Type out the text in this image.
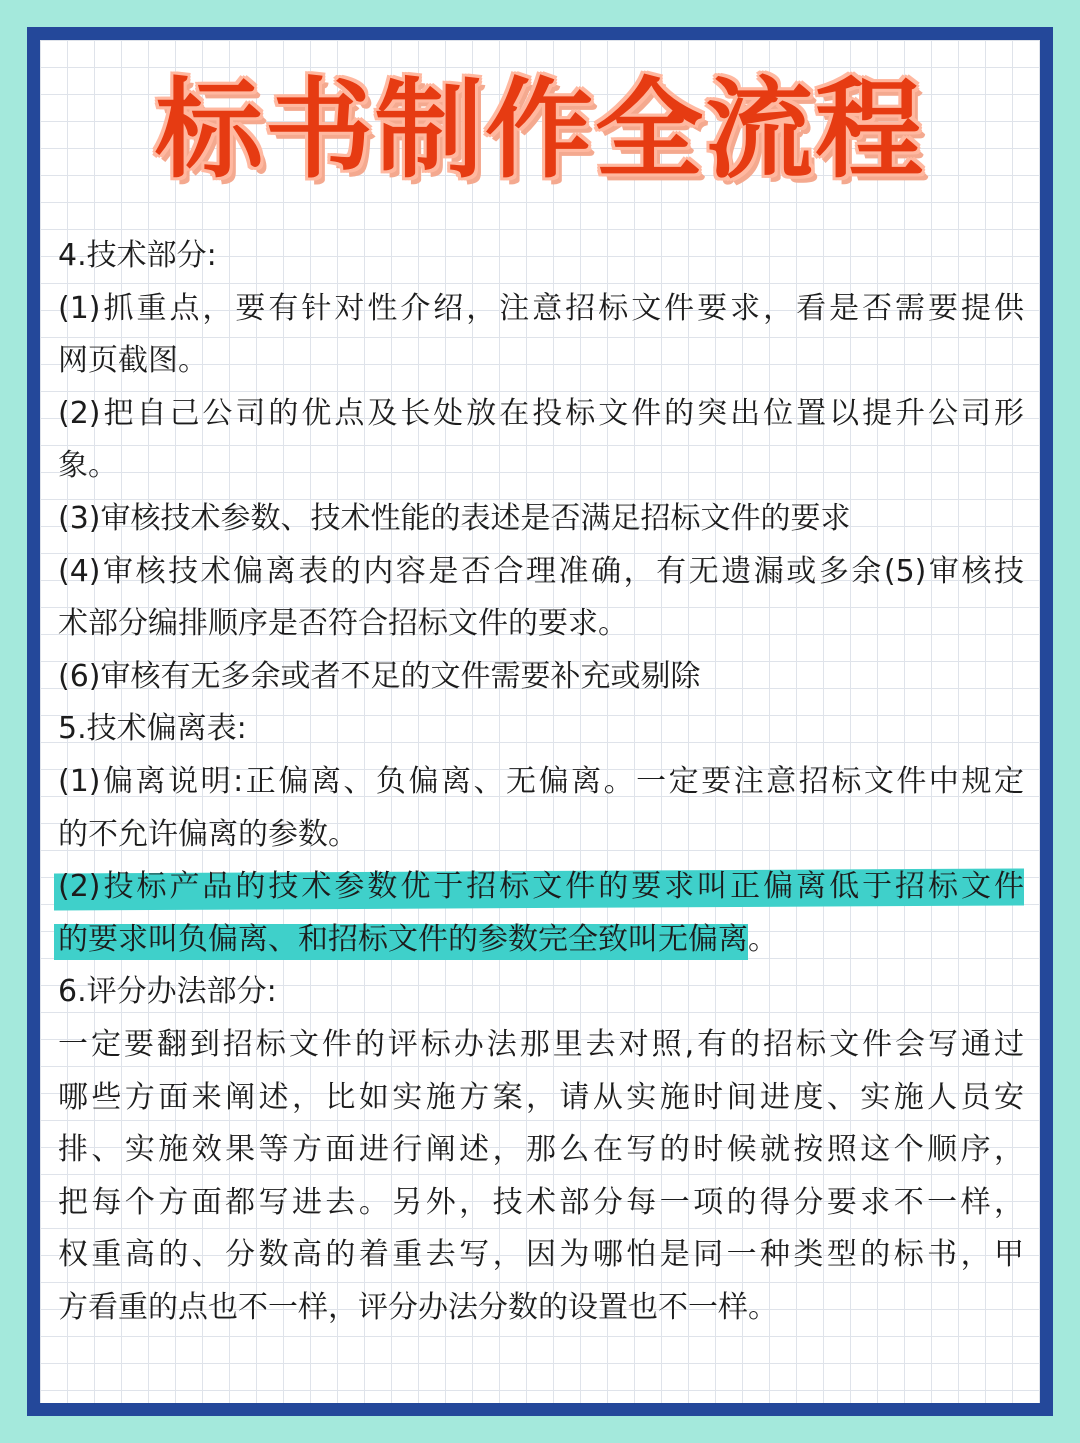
标书制作全流程
4.技术部分:
(1)抓重点，要有针对性介绍，注意招标文件要求，看是否需要提供
网页截图。
(2)把自己公司的优点及长处放在投标文件的突出位置以提升公司形
象。
(3)审核技术参数、技术性能的表述是否满足招标文件的要求
(4)审核技术偏离表的内容是否合理准确，有无遗漏或多余(5)审核技
术部分编排顺序是否符合招标文件的要求。
(6)审核有无多余或者不足的文件需要补充或剔除
5.技术偏离表:
(1)偏离说明:正偏离、负偏离、无偏离。一定要注意招标文件中规定
的不允许偏离的参数。
(2)投标产品的技术参数优于招标文件的要求叫正偏离低于招标文件
的要求叫负偏离、和招标文件的参数完全致叫无偏离。
6.评分办法部分:
一定要翻到招标文件的评标办法那里去对照,有的招标文件会写通过
哪些方面来阐述，比如实施方案，请从实施时间进度、实施人员安
排、实施效果等方面进行阐述，那么在写的时候就按照这个顺序，
把每个方面都写进去。另外，技术部分每一项的得分要求不一样，
权重高的、分数高的着重去写，因为哪怕是同一种类型的标书，甲
方看重的点也不一样，评分办法分数的设置也不一样。
